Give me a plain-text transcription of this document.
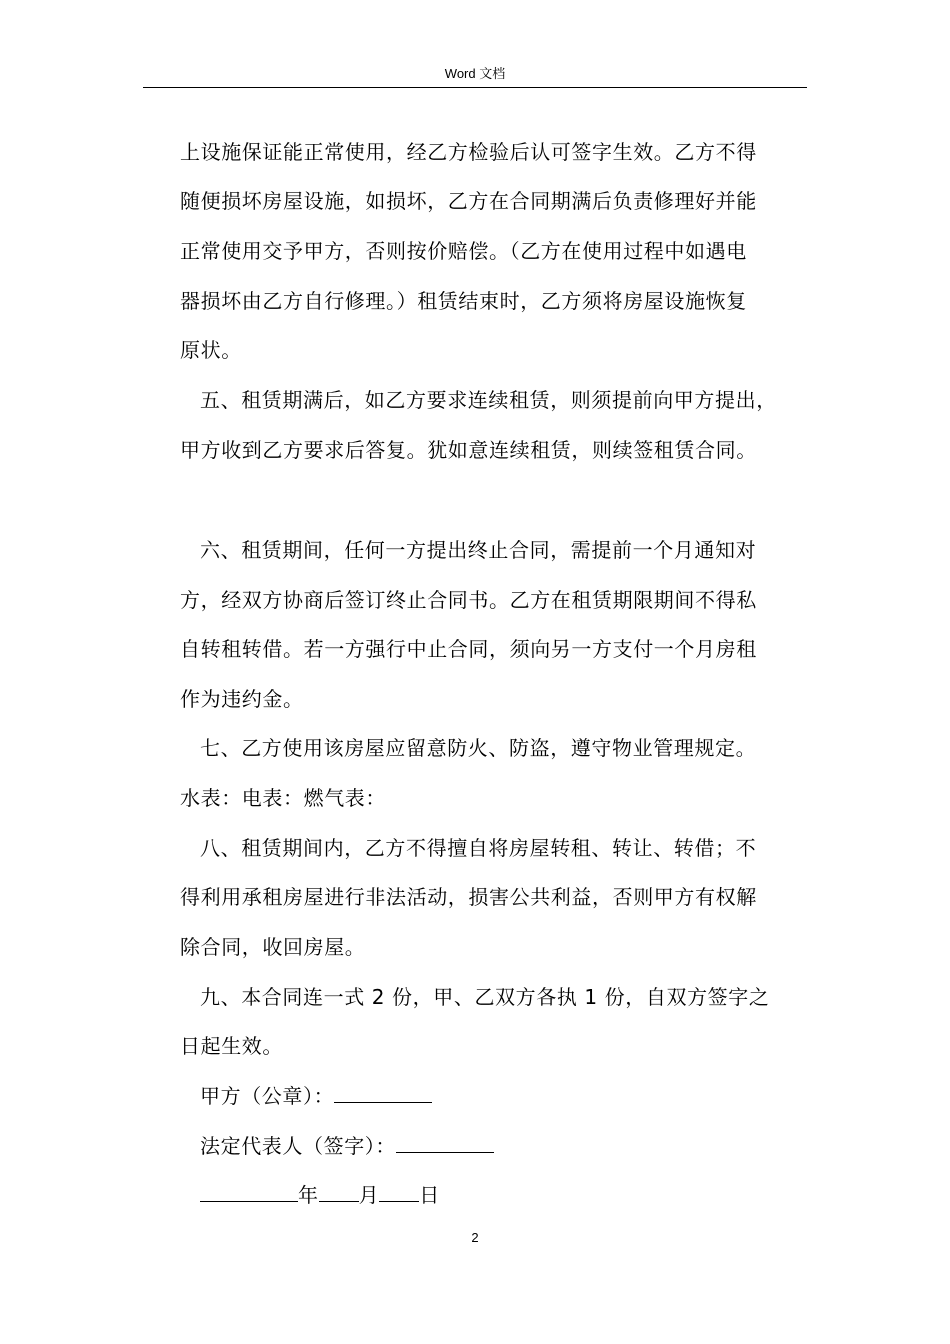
Word 文档
上设施保证能正常使用，经乙方检验后认可签字生效。乙方不得
随便损坏房屋设施，如损坏，乙方在合同期满后负责修理好并能
正常使用交予甲方，否则按价赔偿。（乙方在使用过程中如遇电
器损坏由乙方自行修理。）租赁结束时，乙方须将房屋设施恢复
原状。
五、租赁期满后，如乙方要求连续租赁，则须提前向甲方提出，
甲方收到乙方要求后答复。犹如意连续租赁，则续签租赁合同。
六、租赁期间，任何一方提出终止合同，需提前一个月通知对
方，经双方协商后签订终止合同书。乙方在租赁期限期间不得私
自转租转借。若一方强行中止合同，须向另一方支付一个月房租
作为违约金。
七、乙方使用该房屋应留意防火、防盗，遵守物业管理规定。
水表：电表：燃气表：
八、租赁期间内，乙方不得擅自将房屋转租、转让、转借；不
得利用承租房屋进行非法活动，损害公共利益，否则甲方有权解
除合同，收回房屋。
九、本合同连一式 2 份，甲、乙双方各执 1 份，自双方签字之
日起生效。
甲方（公章）：
法定代表人（签字）：
年 月 日
2
